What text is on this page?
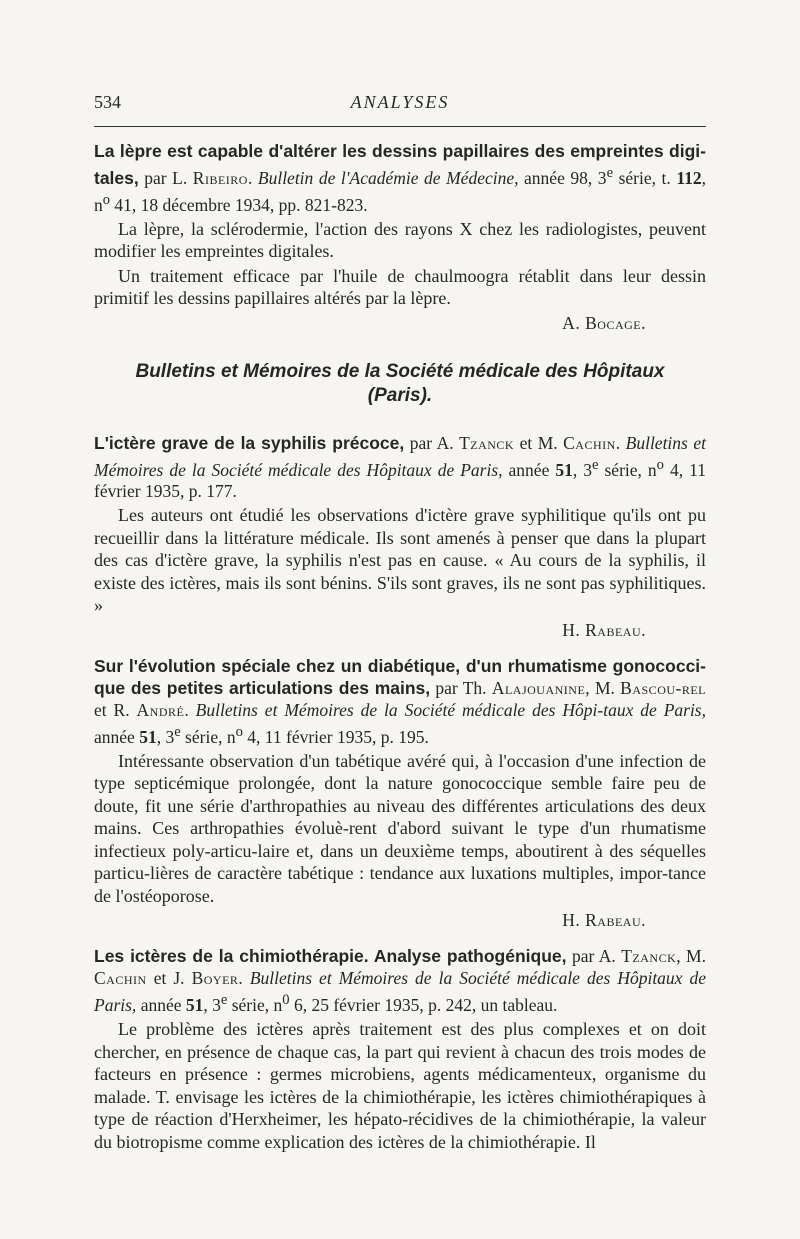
534	ANALYSES
La lèpre est capable d'altérer les dessins papillaires des empreintes digi-tales, par L. Ribeiro. Bulletin de l'Académie de Médecine, année 98, 3e série, t. 112, $n^o$ 41, 18 décembre 1934, pp. 821-823.

La lèpre, la sclérodermie, l'action des rayons X chez les radiologistes, peuvent modifier les empreintes digitales.

Un traitement efficace par l'huile de chaulmoogra rétablit dans leur dessin primitif les dessins papillaires altérés par la lèpre.

A. Bocage.

Bulletins et Mémoires de la Société médicale des Hôpitaux
(Paris).
L'ictère grave de la syphilis précoce, par A. Tzanck et M. Cachin. Bulletins et Mémoires de la Société médicale des Hôpitaux de Paris, année 51, 3e série, $n^o$ 4, 11 février 1935, p. 177.

Les auteurs ont étudié les observations d'ictère grave syphilitique qu'ils ont pu recueillir dans la littérature médicale. Ils sont amenés à penser que dans la plupart des cas d'ictère grave, la syphilis n'est pas en cause. « Au cours de la syphilis, il existe des ictères, mais ils sont bénins. S'ils sont graves, ils ne sont pas syphilitiques. »

H. Rabeau.

Sur l'évolution spéciale chez un diabétique, d'un rhumatisme gonococci-que des petites articulations des mains, par Th. Alajouanine, M. Bascou-rel et R. André. Bulletins et Mémoires de la Société médicale des Hôpi-taux de Paris, année 51, 3e série, $n^o$ 4, 11 février 1935, p. 195.

Intéressante observation d'un tabétique avéré qui, à l'occasion d'une infection de type septicémique prolongée, dont la nature gonococcique semble faire peu de doute, fit une série d'arthropathies au niveau des différentes articulations des deux mains. Ces arthropathies évoluè-rent d'abord suivant le type d'un rhumatisme infectieux poly-articu-laire et, dans un deuxième temps, aboutirent à des séquelles particu-lières de caractère tabétique : tendance aux luxations multiples, impor-tance de l'ostéoporose.

H. Rabeau.

Les ictères de la chimiothérapie. Analyse pathogénique, par A. Tzanck, M. Cachin et J. Boyer. Bulletins et Mémoires de la Société médicale des Hôpitaux de Paris, année 51, 3e série, $n^0$ 6, 25 février 1935, p. 242, un tableau.

Le problème des ictères après traitement est des plus complexes et on doit chercher, en présence de chaque cas, la part qui revient à chacun des trois modes de facteurs en présence : germes microbiens, agents médicamenteux, organisme du malade. T. envisage les ictères de la chimiothérapie, les ictères chimiothérapiques à type de réaction d'Herxheimer, les hépato-récidives de la chimiothérapie, la valeur du biotropisme comme explication des ictères de la chimiothérapie. Il
